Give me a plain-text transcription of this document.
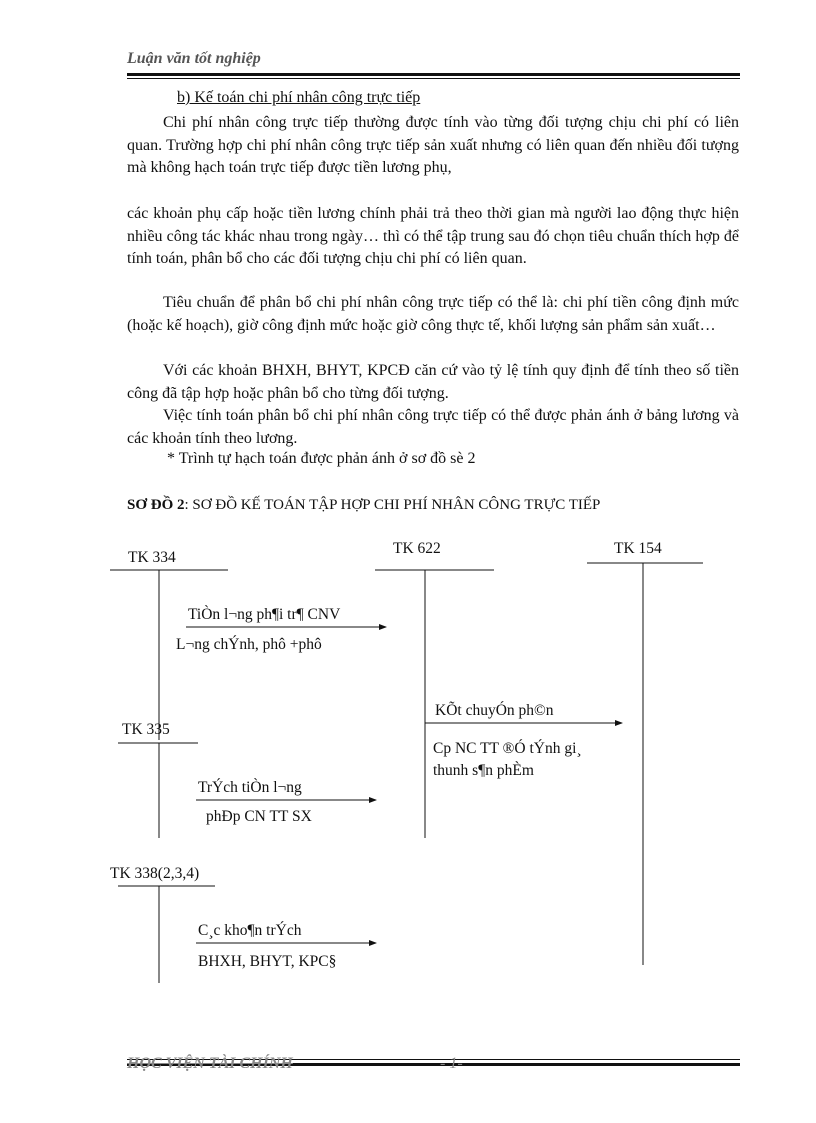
Luận văn tốt nghiệp
b) Kế toán chi phí nhân công trực tiếp
Chi phí nhân công trực tiếp thường được tính vào từng đối tượng chịu chi phí có liên quan. Trường hợp chi phí nhân công trực tiếp sản xuất nhưng có liên quan đến nhiều đối tượng mà không hạch toán trực tiếp được tiền lương phụ,
các khoản phụ cấp hoặc tiền lương chính phải trả theo thời gian mà người lao động thực hiện nhiều công tác khác nhau trong ngày… thì có thể tập trung sau đó chọn tiêu chuẩn thích hợp để tính toán, phân bổ cho các đối tượng chịu chi phí có liên quan.
Tiêu chuẩn để phân bổ chi phí nhân công trực tiếp có thể là: chi phí tiền công định mức (hoặc kế hoạch), giờ công định mức hoặc giờ công thực tế, khối lượng sản phẩm sản xuất…
Với các khoản BHXH, BHYT, KPCĐ căn cứ vào tỷ lệ tính quy định để tính theo số tiền công đã tập hợp hoặc phân bổ cho từng đối tượng.
Việc tính toán phân bổ chi phí nhân công trực tiếp có thể được phản ánh ở bảng lương và các khoản tính theo lương.
* Trình tự hạch toán được phản ánh ở sơ đồ sè 2
SƠ ĐỒ 2: SƠ ĐỒ KẾ TOÁN TẬP HỢP CHI PHÍ NHÂN CÔNG TRỰC TIẾP
TK 334
TK 622	TK 154
TK 335
TK 338(2,3,4)
TiÒn l¬ng ph¶i tr¶ CNV
L¬ng chÝnh, phô +phô
KÕt chuyÓn ph©n
Cp NC TT ®Ó tÝnh gi¸
thunh s¶n phÈm
TrÝch tiÒn l¬ng
phÐp CN TT SX
C¸c kho¶n trÝch
BHXH, BHYT, KPC§
HỌC VIỆN TÀI CHÍNH	- 1-
